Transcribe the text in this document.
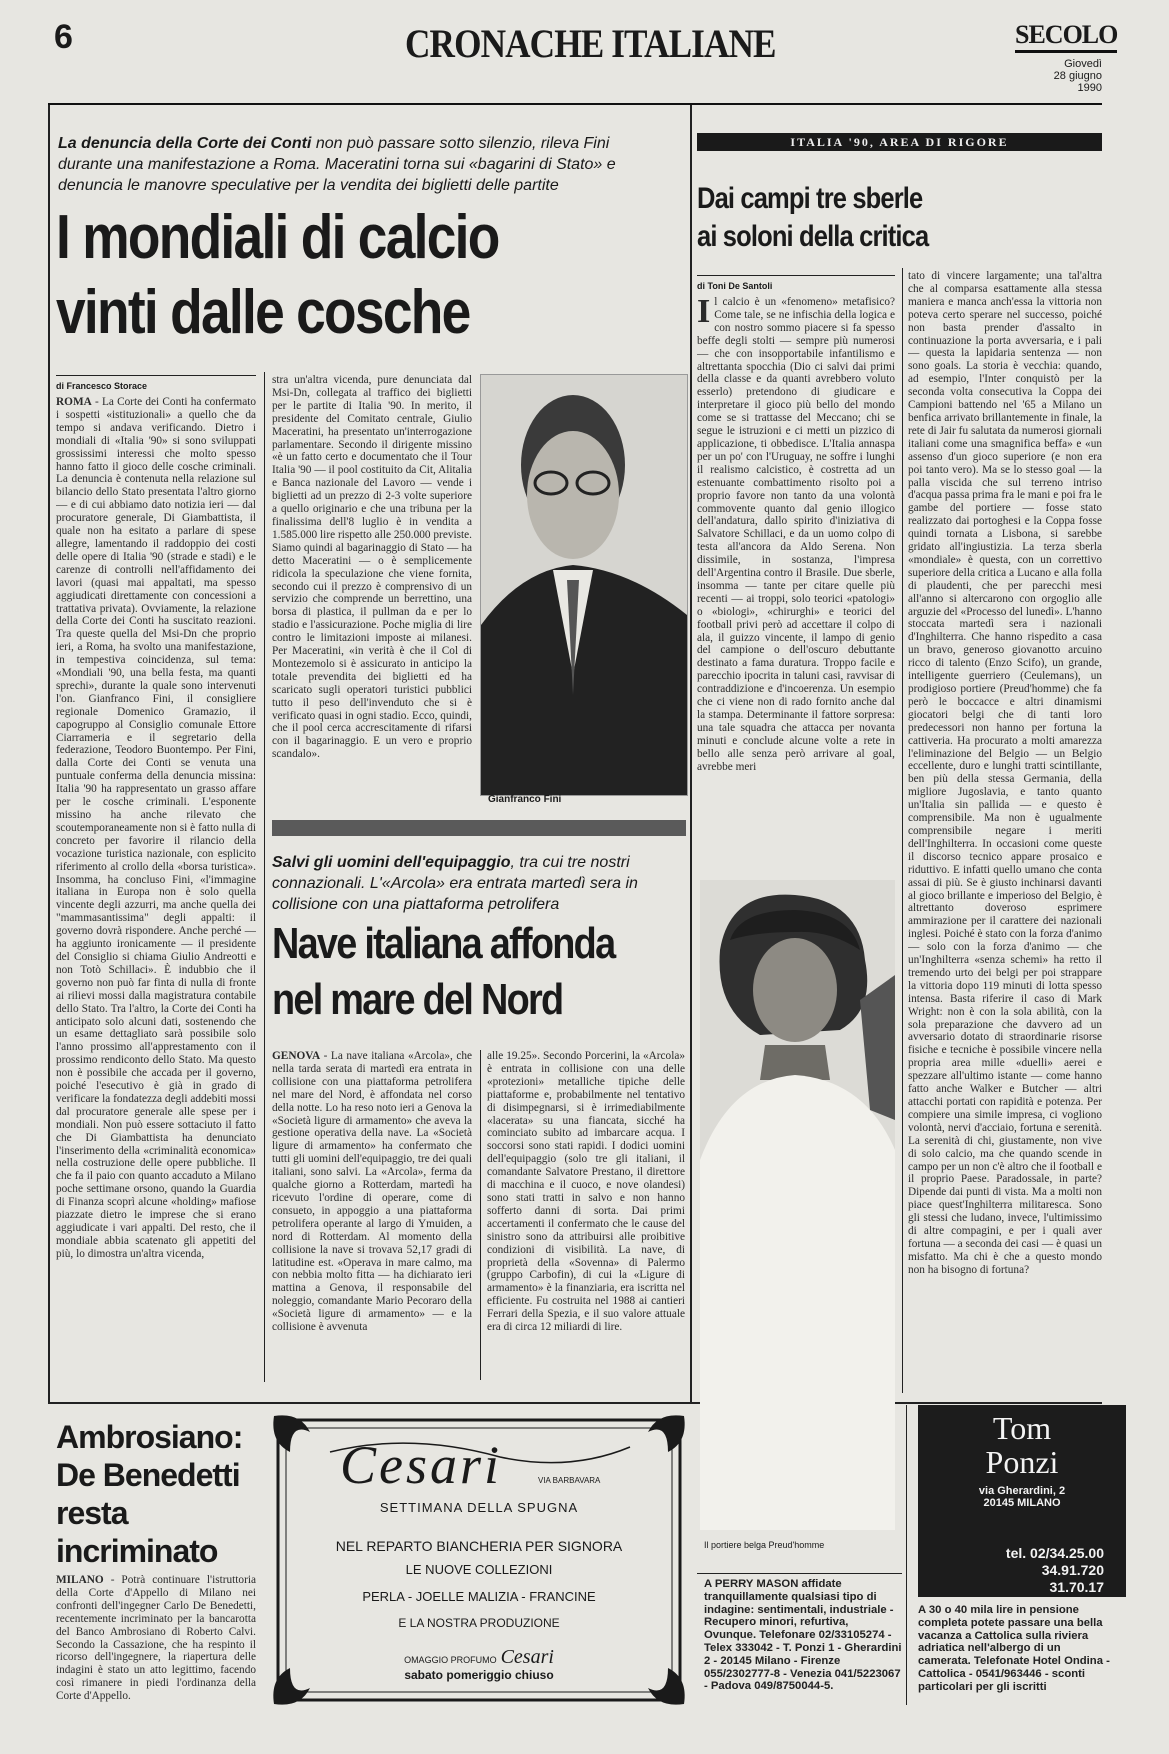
6	CRONACHE ITALIANE	SECOLO
Giovedì
28 giugno 1990
La denuncia della Corte dei Conti non può passare sotto silenzio, rileva Fini durante una manifestazione a Roma. Maceratini torna sui «bagarini di Stato» e denuncia le manovre speculative per la vendita dei biglietti delle partite
I mondiali di calcio
vinti dalle cosche
di Francesco Storace

ROMA - La Corte dei Conti ha confermato i sospetti «istituzionali» a quello che da tempo si andava verificando. Dietro i mondiali di «Italia '90» si sono sviluppati grossissimi interessi che molto spesso hanno fatto il gioco delle cosche criminali. La denuncia è contenuta nella relazione sul bilancio dello Stato presentata l'altro giorno — e di cui abbiamo dato notizia ieri — dal procuratore generale, Di Giambattista, il quale non ha esitato a parlare di spese allegre, lamentando il raddoppio dei costi delle opere di Italia '90 (strade e stadi) e le carenze di controlli nell'affidamento dei lavori (quasi mai appaltati, ma spesso aggiudicati direttamente con concessioni a trattativa privata). Ovviamente, la relazione della Corte dei Conti ha suscitato reazioni. Tra queste quella del Msi-Dn che proprio ieri, a Roma, ha svolto una manifestazione, in tempestiva coincidenza, sul tema: «Mondiali '90, una bella festa, ma quanti sprechi», durante la quale sono intervenuti l'on. Gianfranco Fini, il consigliere regionale Domenico Gramazio, il capogruppo al Consiglio comunale Ettore Ciarrameria e il segretario della federazione, Teodoro Buontempo. Per Fini, dalla Corte dei Conti se venuta una puntuale conferma della denuncia missina: Italia '90 ha rappresentato un grasso affare per le cosche criminali. L'esponente missino ha anche rilevato che scoutemporaneamente non si è fatto nulla di concreto per favorire il rilancio della vocazione turistica nazionale, con esplicito riferimento al crollo della «borsa turistica». Insomma, ha concluso Fini, «l'immagine italiana in Europa non è solo quella vincente degli azzurri, ma anche quella dei "mammasantissima" degli appalti: il governo dovrà rispondere. Anche perché — ha aggiunto ironicamente — il presidente del Consiglio si chiama Giulio Andreotti e non Totò Schillaci». È indubbio che il governo non può far finta di nulla di fronte ai rilievi mossi dalla magistratura contabile dello Stato. Tra l'altro, la Corte dei Conti ha anticipato solo alcuni dati, sostenendo che un esame dettagliato sarà possibile solo l'anno prossimo all'apprestamento con il prossimo rendiconto dello Stato. Ma questo non è possibile che accada per il governo, poiché l'esecutivo è già in grado di verificare la fondatezza degli addebiti mossi dal procuratore generale alle spese per i mondiali. Non può essere sottaciuto il fatto che Di Giambattista ha denunciato l'inserimento della «criminalità economica» nella costruzione delle opere pubbliche. Il che fa il paio con quanto accaduto a Milano poche settimane orsono, quando la Guardia di Finanza scoprì alcune «holding» mafiose piazzate dietro le imprese che si erano aggiudicate i vari appalti. Del resto, che il mondiale abbia scatenato gli appetiti del più, lo dimostra un'altra vicenda,

stra un'altra vicenda, pure denunciata dal Msi-Dn, collegata al traffico dei biglietti per le partite di Italia '90. In merito, il presidente del Comitato centrale, Giulio Maceratini, ha presentato un'interrogazione parlamentare. Secondo il dirigente missino «è un fatto certo e documentato che il Tour Italia '90 — il pool costituito da Cit, Alitalia e Banca nazionale del Lavoro — vende i biglietti ad un prezzo di 2-3 volte superiore a quello originario e che una tribuna per la finalissima dell'8 luglio è in vendita a 1.585.000 lire rispetto alle 250.000 previste. Siamo quindi al bagarinaggio di Stato — ha detto Maceratini — o è semplicemente ridicola la speculazione che viene fornita, secondo cui il prezzo è comprensivo di un servizio che comprende un berrettino, una borsa di plastica, il pullman da e per lo stadio e l'assicurazione. Poche miglia di lire contro le limitazioni imposte ai milanesi. Per Maceratini, «in verità è che il Col di Montezemolo si è assicurato in anticipo la totale prevendita dei biglietti ed ha scaricato sugli operatori turistici pubblici tutto il peso dell'invenduto che si è verificato quasi in ogni stadio. Ecco, quindi, che il pool cerca accrescitamente di rifarsi con il bagarinaggio. E un vero e proprio scandalo».

Gianfranco Fini
Salvi gli uomini dell'equipaggio, tra cui tre nostri connazionali. L'«Arcola» era entrata martedì sera in collisione con una piattaforma petrolifera
Nave italiana affonda
nel mare del Nord

GENOVA - La nave italiana «Arcola», che nella tarda serata di martedì era entrata in collisione con una piattaforma petrolifera nel mare del Nord, è affondata nel corso della notte. Lo ha reso noto ieri a Genova la «Società ligure di armamento» che aveva la gestione operativa della nave. La «Società ligure di armamento» ha confermato che tutti gli uomini dell'equipaggio, tre dei quali italiani, sono salvi. La «Arcola», ferma da qualche giorno a Rotterdam, martedì ha ricevuto l'ordine di operare, come di consueto, in appoggio a una piattaforma petrolifera operante al largo di Ymuiden, a nord di Rotterdam. Al momento della collisione la nave si trovava 52,17 gradi di latitudine est. «Operava in mare calmo, ma con nebbia molto fitta — ha dichiarato ieri mattina a Genova, il responsabile del noleggio, comandante Mario Pecoraro della «Società ligure di armamento» — e la collisione è avvenuta

alle 19.25». Secondo Porcerini, la «Arcola» è entrata in collisione con una delle «protezioni» metalliche tipiche delle piattaforme e, probabilmente nel tentativo di disimpegnarsi, si è irrimediabilmente «lacerata» su una fiancata, sicché ha cominciato subito ad imbarcare acqua. I soccorsi sono stati rapidi. I dodici uomini dell'equipaggio (solo tre gli italiani, il comandante Salvatore Prestano, il direttore di macchina e il cuoco, e nove olandesi) sono stati tratti in salvo e non hanno sofferto danni di sorta. Dai primi accertamenti il confermato che le cause del sinistro sono da attribuirsi alle proibitive condizioni di visibilità. La nave, di proprietà della «Sovenna» di Palermo (gruppo Carbofin), di cui la «Ligure di armamento» è la finanziaria, era iscritta nel efficiente. Fu costruita nel 1988 ai cantieri Ferrari della Spezia, e il suo valore attuale era di circa 12 miliardi di lire.

ITALIA '90, AREA DI RIGORE
Dai campi tre sberle
ai soloni della critica
di Toni De Santoli
Il calcio è un «fenomeno» metafisico? Come tale, se ne infischia della logica e con nostro sommo piacere si fa spesso beffe degli stolti — sempre più numerosi — che con insopportabile infantilismo e altrettanta spocchia (Dio ci salvi dai primi della classe e da quanti avrebbero voluto esserlo) pretendono di giudicare e interpretare il gioco più bello del mondo come se si trattasse del Meccano; chi se segue le istruzioni e ci metti un pizzico di applicazione, ti obbedisce. L'Italia annaspa per un po' con l'Uruguay, ne soffre i lunghi il realismo calcistico, è costretta ad un estenuante combattimento risolto poi a proprio favore non tanto da una volontà commovente quanto dal genio illogico dell'andatura, dallo spirito d'iniziativa di Salvatore Schillaci, e da un uomo colpo di testa all'ancora da Aldo Serena. Non dissimile, in sostanza, l'impresa dell'Argentina contro il Brasile. Due sberle, insomma — tante per citare quelle più recenti — ai troppi, solo teorici «patologi» o «biologi», «chirurghi» e teorici del football privi però ad accettare il colpo di ala, il guizzo vincente, il lampo di genio del campione o dell'oscuro debuttante destinato a fama duratura. Troppo facile e parecchio ipocrita in taluni casi, ravvisar di contraddizione e d'incoerenza. Un esempio che ci viene non di rado fornito anche dal la stampa. Determinante il fattore sorpresa: una tale squadra che attacca per novanta minuti e conclude alcune volte a rete in bello alle senza però arrivare al goal, avrebbe meri
tato di vincere largamente; una tal'altra che al comparsa esattamente alla stessa maniera e manca anch'essa la vittoria non poteva certo sperare nel successo, poiché non basta prender d'assalto in continuazione la porta avversaria, e i pali — questa la lapidaria sentenza — non sono goals. La storia è vecchia: quando, ad esempio, l'Inter conquistò per la seconda volta consecutiva la Coppa dei Campioni battendo nel '65 a Milano un benfica arrivato brillantemente in finale, la rete di Jair fu salutata da numerosi giornali italiani come una smagnifica beffa» e «un assenso d'un gioco superiore (e non era poi tanto vero). Ma se lo stesso goal — la palla viscida che sul terreno intriso d'acqua passa prima fra le mani e poi fra le gambe del portiere — fosse stato realizzato dai portoghesi e la Coppa fosse quindi tornata a Lisbona, si sarebbe gridato all'ingiustizia. La terza sberla «mondiale» è questa, con un correttivo superiore della critica a Lucano e alla folla di plaudenti, che per parecchi mesi all'anno si altercarono con orgoglio alle arguzie del «Processo del lunedì». L'hanno stoccata martedì sera i nazionali d'Inghilterra. Che hanno rispedito a casa un bravo, generoso giovanotto arcuino ricco di talento (Enzo Scifo), un grande, intelligente guerriero (Ceulemans), un prodigioso portiere (Preud'homme) che fa però le boccacce e altri dinamismi giocatori belgi che di tanti loro predecessori non hanno per fortuna la cattiveria. Ha procurato a molti amarezza l'eliminazione del Belgio — un Belgio eccellente, duro e lunghi tratti scintillante, ben più della stessa Germania, della migliore Jugoslavia, e tanto quanto un'Italia sin pallida — e questo è comprensibile. Ma non è ugualmente comprensibile negare i meriti dell'Inghilterra. In occasioni come queste il discorso tecnico appare prosaico e riduttivo. E infatti quello umano che conta assai di più. Se è giusto inchinarsi davanti al gioco brillante e imperioso del Belgio, è altrettanto doveroso esprimere ammirazione per il carattere dei nazionali inglesi. Poiché è stato con la forza d'animo — solo con la forza d'animo — che un'Inghilterra «senza schemi» ha retto il tremendo urto dei belgi per poi strappare la vittoria dopo 119 minuti di lotta spesso intensa. Basta riferire il caso di Mark Wright: non è con la sola abilità, con la sola preparazione che davvero ad un avversario dotato di straordinarie risorse fisiche e tecniche è possibile vincere nella propria area mille «duelli» aerei e spezzare all'ultimo istante — come hanno fatto anche Walker e Butcher — altri attacchi portati con rapidità e potenza. Per compiere una simile impresa, ci vogliono volontà, nervi d'acciaio, fortuna e serenità. La serenità di chi, giustamente, non vive di solo calcio, ma che quando scende in campo per un non c'è altro che il football e il proprio Paese. Paradossale, in parte? Dipende dai punti di vista. Ma a molti non piace quest'Inghilterra militaresca. Sono gli stessi che ludano, invece, l'ultimissimo di altre compagini, e per i quali aver fortuna — a seconda dei casi — è quasi un misfatto. Ma chi è che a questo mondo non ha bisogno di fortuna?
Il portiere belga Preud'homme
Ambrosiano:
De Benedetti
resta
incriminato

MILANO - Potrà continuare l'istruttoria della Corte d'Appello di Milano nei confronti dell'ingegner Carlo De Benedetti, recentemente incriminato per la bancarotta del Banco Ambrosiano di Roberto Calvi. Secondo la Cassazione, che ha respinto il ricorso dell'ingegnere, la riapertura delle indagini è stato un atto legittimo, facendo così rimanere in piedi l'ordinanza della Corte d'Appello.

Cesari	VIA BARBAVARA
SETTIMANA DELLA SPUGNA
NEL REPARTO BIANCHERIA PER SIGNORA
LE NUOVE COLLEZIONI
PERLA - JOELLE MALIZIA - FRANCINE
E LA NOSTRA PRODUZIONE
OMAGGIO PROFUMO Cesari
sabato pomeriggio chiuso
A PERRY MASON affidate tranquillamente qualsiasi tipo di indagine: sentimentali, industriale - Recupero minori, refurtiva, Ovunque. Telefonare 02/33105274 - Telex 333042 - T. Ponzi 1 - Gherardini 2 - 20145 Milano - Firenze 055/2302777-8 - Venezia 041/5223067 - Padova 049/8750044-5.
Tom
Ponzi
via Gherardini, 2
20145 MILANO
tel. 02/34.25.00
34.91.720
31.70.17
A 30 o 40 mila lire in pensione completa potete passare una bella vacanza a Cattolica sulla riviera adriatica nell'albergo di un camerata. Telefonate Hotel Ondina - Cattolica - 0541/963446 - sconti particolari per gli iscritti
